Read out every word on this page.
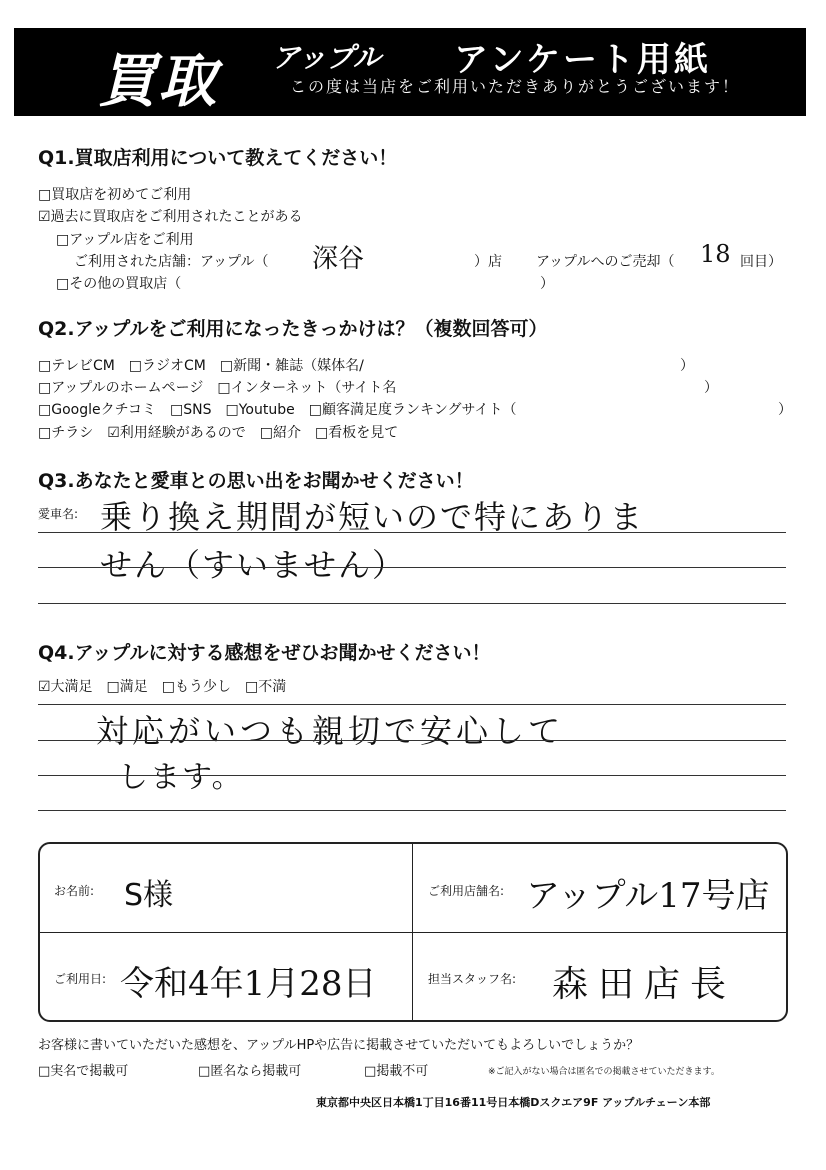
買取 アップル アンケート用紙
この度は当店をご利用いただきありがとうございます！
Q1.買取店利用について教えてください！
□買取店を初めてご利用
☑過去に買取店をご利用されたことがある
□アップル店をご利用
ご利用された店舗：アップル（ 深谷	）店 アップルへのご売却（ 18 回目）
□その他の買取店（	）
Q2.アップルをご利用になったきっかけは？（複数回答可）
□テレビCM　□ラジオCM　□新聞・雑誌（媒体名/	）
□アップルのホームページ　□インターネット（サイト名	）
□Googleクチコミ　□SNS　□Youtube　□顧客満足度ランキングサイト（	）
□チラシ　☑利用経験があるので　□紹介　□看板を見て
Q3.あなたと愛車との思い出をお聞かせください！
愛車名: 乗り換え期間が短いので特にありま
せん（すいません）
Q4.アップルに対する感想をぜひお聞かせください！
☑大満足　□満足　□もう少し　□不満
対応がいつも親切で安心して
します。
お名前: S様	ご利用店舗名: アップル17号店
ご利用日: 令和4年1月28日	担当スタッフ名: 森田店長
お客様に書いていただいた感想を、アップルHPや広告に掲載させていただいてもよろしいでしょうか？
□実名で掲載可	□匿名なら掲載可	□掲載不可	※ご記入がない場合は匿名での掲載させていただきます。
東京都中央区日本橋1丁目16番11号日本橋Dスクエア9F アップルチェーン本部
